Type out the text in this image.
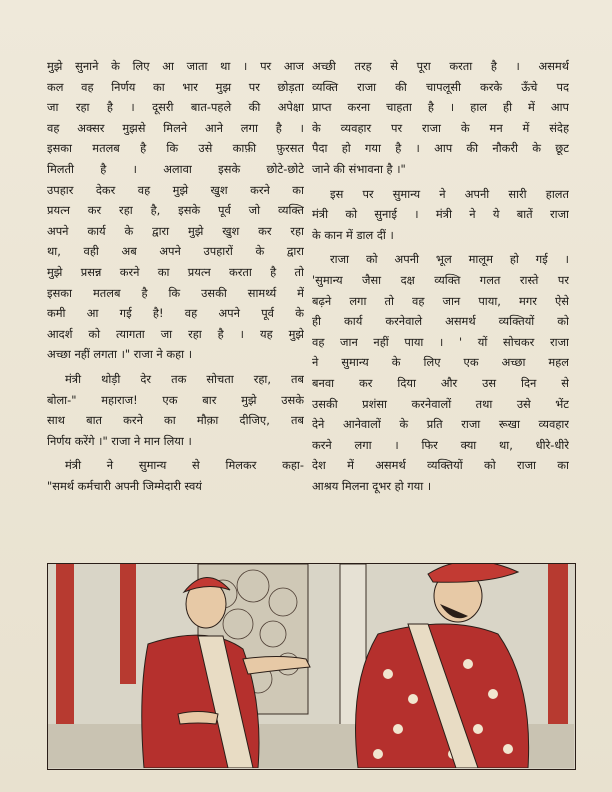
मुझे सुनाने के लिए आ जाता था । पर आज
कल वह निर्णय का भार मुझ पर छोड़ता
जा रहा है । दूसरी बात-पहले की अपेक्षा
वह अक्सर मुझसे मिलने आने लगा है ।
इसका मतलब है कि उसे काफ़ी फ़ुरसत
मिलती है । अलावा इसके छोटे-छोटे
उपहार देकर वह मुझे खुश करने का
प्रयत्न कर रहा है, इसके पूर्व जो व्यक्ति
अपने कार्य के द्वारा मुझे खुश कर रहा
था, वही अब अपने उपहारों के द्वारा
मुझे प्रसन्न करने का प्रयत्न करता है तो
इसका मतलब है कि उसकी सामर्थ्य में
कमी आ गई है! वह अपने पूर्व के
आदर्श को त्यागता जा रहा है । यह मुझे
अच्छा नहीं लगता ।" राजा ने कहा ।
मंत्री थोड़ी देर तक सोचता रहा, तब
बोला-" महाराज! एक बार मुझे उसके
साथ बात करने का मौक़ा दीजिए, तब
निर्णय करेंगे ।" राजा ने मान लिया ।
मंत्री ने सुमान्य से मिलकर कहा-
"समर्थ कर्मचारी अपनी जिम्मेदारी स्वयं
अच्छी तरह से पूरा करता है । असमर्थ
व्यक्ति राजा की चापलूसी करके ऊँचे पद
प्राप्त करना चाहता है । हाल ही में आप
के व्यवहार पर राजा के मन में संदेह
पैदा हो गया है । आप की नौकरी के छूट
जाने की संभावना है ।"
इस पर सुमान्य ने अपनी सारी हालत
मंत्री को सुनाई । मंत्री ने ये बातें राजा
के कान में डाल दीं ।
राजा को अपनी भूल मालूम हो गई ।
'सुमान्य जैसा दक्ष व्यक्ति गलत रास्ते पर
बढ़ने लगा तो वह जान पाया, मगर ऐसे
ही कार्य करनेवाले असमर्थ व्यक्तियों को
वह जान नहीं पाया । ' यों सोचकर राजा
ने सुमान्य के लिए एक अच्छा महल
बनवा कर दिया और उस दिन से
उसकी प्रशंसा करनेवालों तथा उसे भेंट
देने आनेवालों के प्रति राजा रूखा व्यवहार
करने लगा । फिर क्या था, धीरे-धीरे
देश में असमर्थ व्यक्तियों को राजा का
आश्रय मिलना दूभर हो गया ।
